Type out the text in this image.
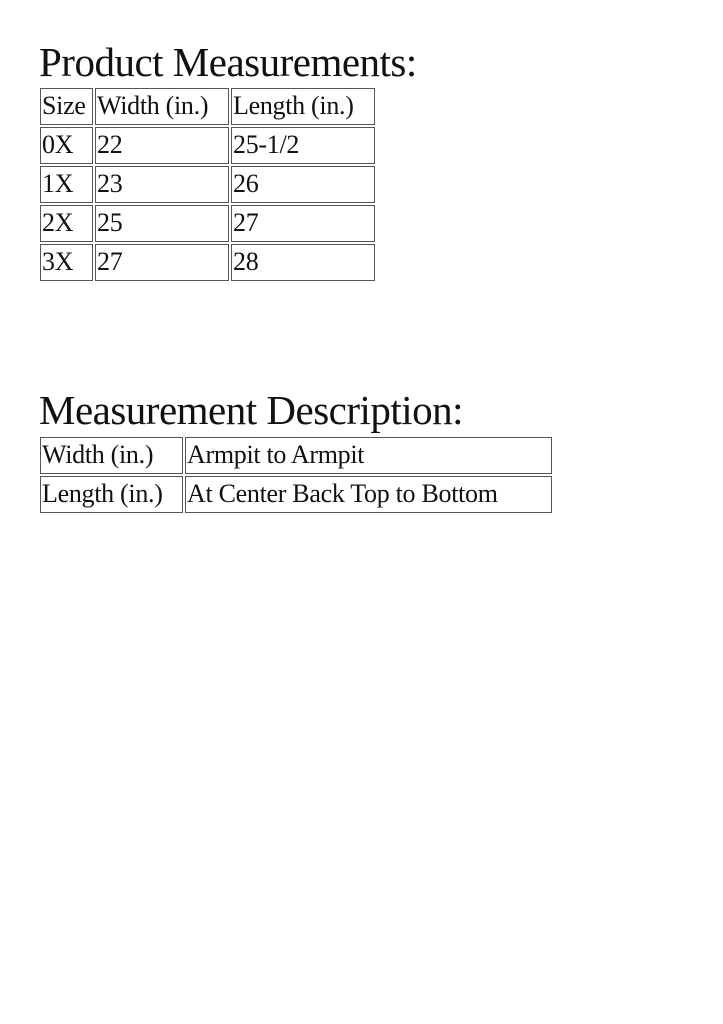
Product Measurements:
Size	Width (in.)	Length (in.)
0X	22	25-1/2
1X	23	26
2X	25	27
3X	27	28
Measurement Description:
Width (in.)	Armpit to Armpit
Length (in.)	At Center Back Top to Bottom
